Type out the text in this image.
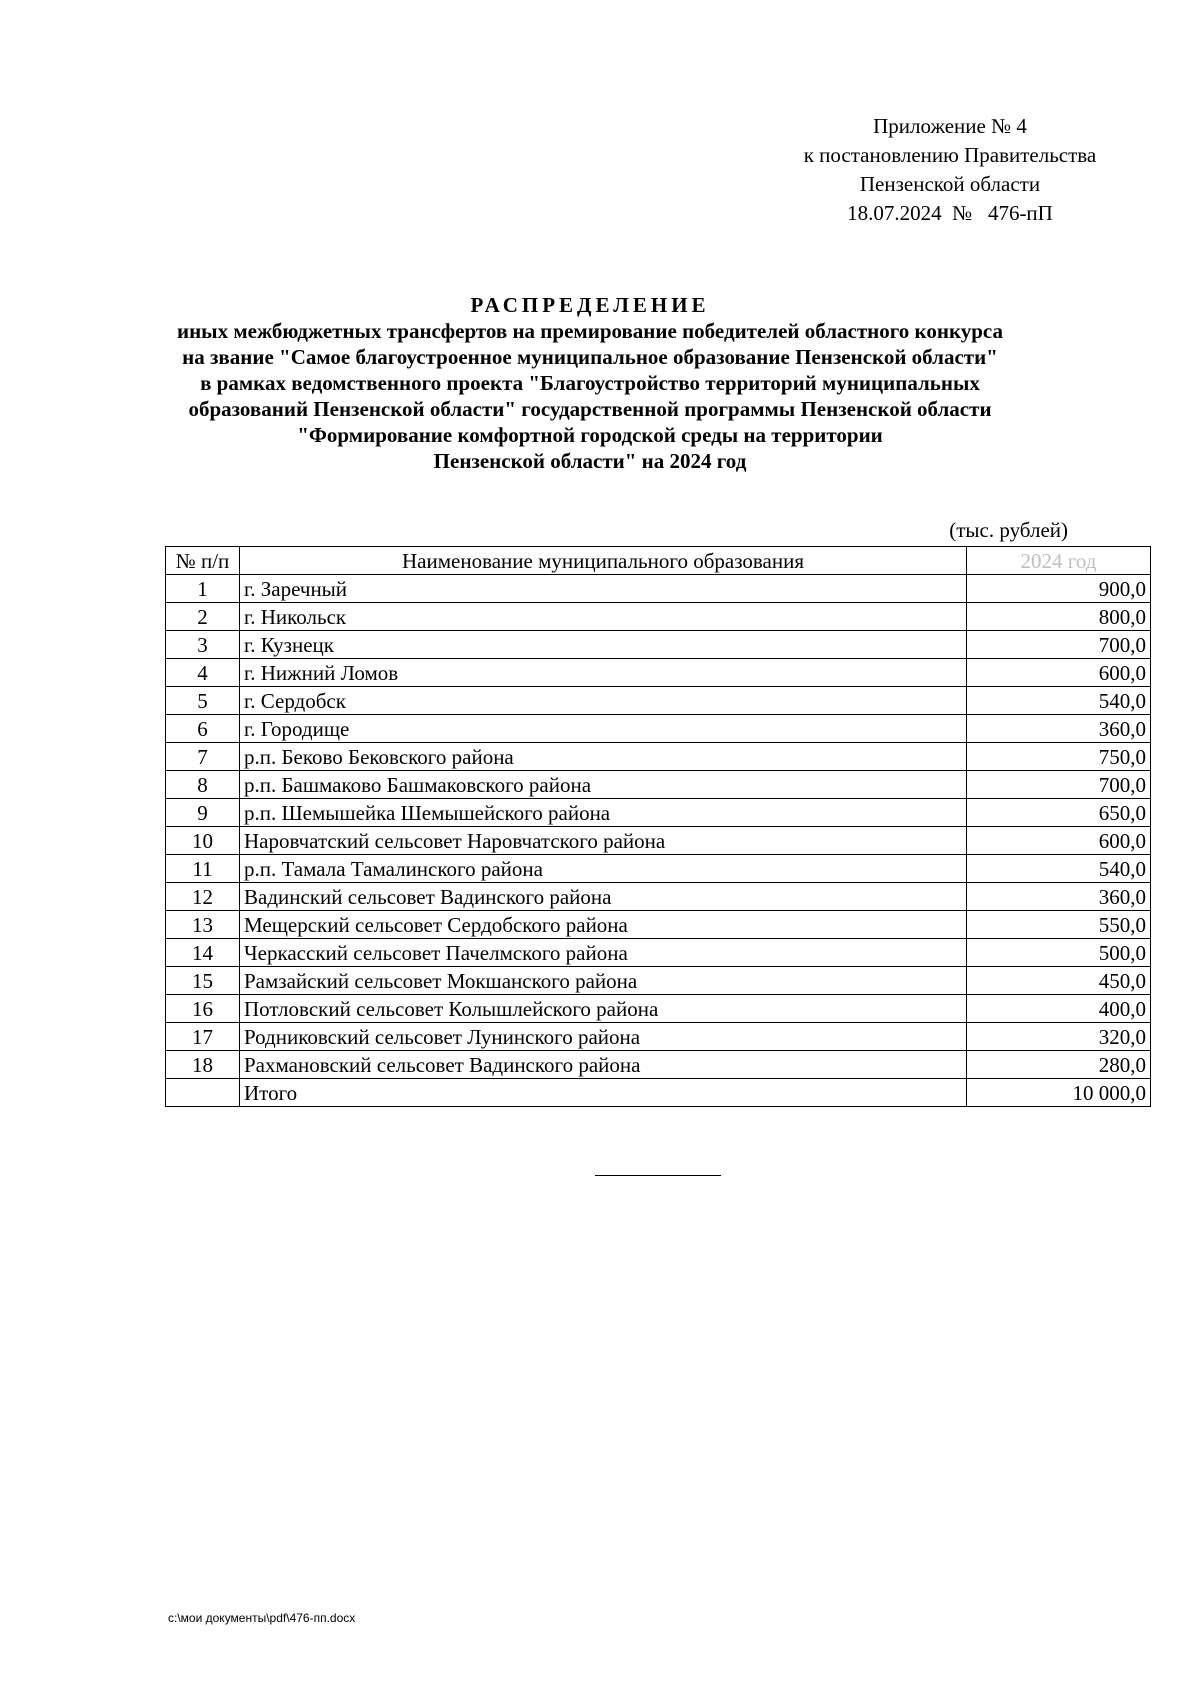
Приложение № 4
к постановлению Правительства
Пензенской области
18.07.2024 № 476-пП
РАСПРЕДЕЛЕНИЕ
иных межбюджетных трансфертов на премирование победителей областного конкурса
на звание "Самое благоустроенное муниципальное образование Пензенской области"
в рамках ведомственного проекта "Благоустройство территорий муниципальных
образований Пензенской области" государственной программы Пензенской области
"Формирование комфортной городской среды на территории
Пензенской области" на 2024 год
(тыс. рублей)
№ п/п	Наименование муниципального образования	2024 год
1	г. Заречный	900,0
2	г. Никольск	800,0
3	г. Кузнецк	700,0
4	г. Нижний Ломов	600,0
5	г. Сердобск	540,0
6	г. Городище	360,0
7	р.п. Беково Бековского района	750,0
8	р.п. Башмаково Башмаковского района	700,0
9	р.п. Шемышейка Шемышейского района	650,0
10	Наровчатский сельсовет Наровчатского района	600,0
11	р.п. Тамала Тамалинского района	540,0
12	Вадинский сельсовет Вадинского района	360,0
13	Мещерский сельсовет Сердобского района	550,0
14	Черкасский сельсовет Пачелмского района	500,0
15	Рамзайский сельсовет Мокшанского района	450,0
16	Потловский сельсовет Колышлейского района	400,0
17	Родниковский сельсовет Лунинского района	320,0
18	Рахмановский сельсовет Вадинского района	280,0
	Итого	10 000,0
c:\мои документы\pdf\476-пп.docx
